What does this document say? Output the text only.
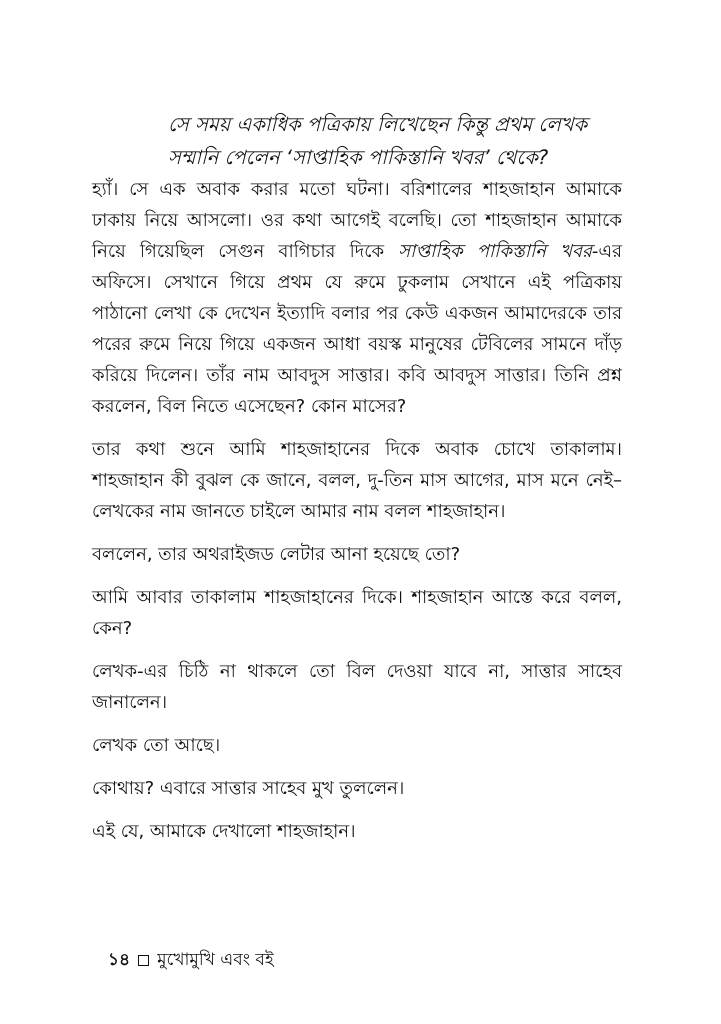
সে সময় একাধিক পত্রিকায় লিখেছেন কিন্তু প্রথম লেখক

সম্মানি পেলেন ‘সাপ্তাহিক পাকিস্তানি খবর’ থেকে?

হ্যাঁ। সে এক অবাক করার মতো ঘটনা। বরিশালের শাহজাহান আমাকে ঢাকায় নিয়ে আসলো। ওর কথা আগেই বলেছি। তো শাহজাহান আমাকে নিয়ে গিয়েছিল সেগুন বাগিচার দিকে সাপ্তাহিক পাকিস্তানি খবর-এর অফিসে। সেখানে গিয়ে প্রথম যে রুমে ঢুকলাম সেখানে এই পত্রিকায় পাঠানো লেখা কে দেখেন ইত্যাদি বলার পর কেউ একজন আমাদেরকে তার পরের রুমে নিয়ে গিয়ে একজন আধা বয়স্ক মানুষের টেবিলের সামনে দাঁড় করিয়ে দিলেন। তাঁর নাম আবদুস সাত্তার। কবি আবদুস সাত্তার। তিনি প্রশ্ন করলেন, বিল নিতে এসেছেন? কোন মাসের?

তার কথা শুনে আমি শাহজাহানের দিকে অবাক চোখে তাকালাম। শাহজাহান কী বুঝল কে জানে, বলল, দু-তিন মাস আগের, মাস মনে নেই–লেখকের নাম জানতে চাইলে আমার নাম বলল শাহজাহান।

বললেন, তার অথরাইজড লেটার আনা হয়েছে তো?

আমি আবার তাকালাম শাহজাহানের দিকে। শাহজাহান আস্তে করে বলল, কেন?

লেখক-এর চিঠি না থাকলে তো বিল দেওয়া যাবে না, সাত্তার সাহেব জানালেন।

লেখক তো আছে।

কোথায়? এবারে সাত্তার সাহেব মুখ তুললেন।

এই যে, আমাকে দেখালো শাহজাহান।

১৪ মুখোমুখি এবং বই
